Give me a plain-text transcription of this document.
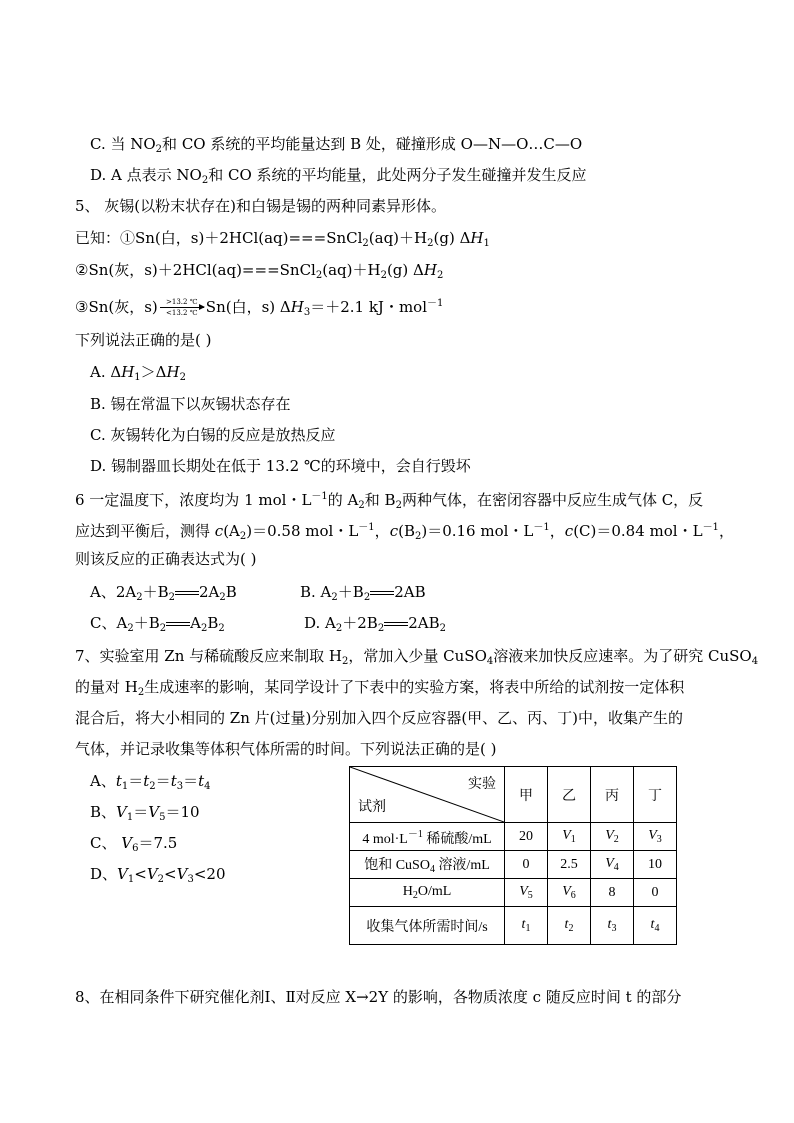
C. 当 $NO_2$和 CO 系统的平均能量达到 B 处，碰撞形成 O—N—O…C—O
D. A 点表示 $NO_2$和 CO 系统的平均能量，此处两分子发生碰撞并发生反应
5、 灰锡(以粉末状存在)和白锡是锡的两种同素异形体。
已知：①Sn(白，$s)+2HCl(aq)===SnCl_2(aq)+H_2(g)$ $\Delta H_1$
②Sn(灰，$s)+2HCl(aq)===SnCl_2(aq)+H_2(g)$ $\Delta H_2$
③Sn(灰，$s) \frac{>13.2 ℃}{<13.2 ℃} Sn$(白，s) $\Delta H_3=+2.1$ kJ・mol$^{-1}$
下列说法正确的是( )
A. $\Delta H_1>\Delta H_2$
B. 锡在常温下以灰锡状态存在
C. 灰锡转化为白锡的反应是放热反应
D. 锡制器皿长期处在低于 13.2 ℃的环境中，会自行毁坏
6 一定温度下，浓度均为 1 mol・$L^{-1}$的 $A_2$和 $B_2$两种气体，在密闭容器中反应生成气体 C，反
应达到平衡后，测得 $c(A_2)=0.58$ mol・$L^{-1}$，$c(B_2)=0.16$ mol・$L^{-1}$，c(C)＝0.84 mol・$L^{-1}$，
则该反应的正确表达式为( )
A、$2A_2+B_2$ $2A_2B$	B. $A_2+B_2$ 2AB
C、$A_2+B_2$ $A_2B_2$	D. $A_2+2B_2$ $2AB_2$
7、实验室用 Zn 与稀硫酸反应来制取 $H_2$，常加入少量 CuSO$_4$溶液来加快反应速率。为了研究 CuSO$_4$
的量对 $H_2$生成速率的影响，某同学设计了下表中的实验方案，将表中所给的试剂按一定体积
混合后，将大小相同的 Zn 片(过量)分别加入四个反应容器(甲、乙、丙、丁)中，收集产生的
气体，并记录收集等体积气体所需的时间。下列说法正确的是( )
A、$t_1=t_2=t_3=t_4$
B、$V_1=V_5=10$
C、 $V_6=7.5$
D、$V_1<V_2<V_3<20$
实验
试剂	甲	乙	丙	丁
4 $mol\cdot L^{-1}$ 稀硫酸/mL	20	$V_1$	$V_2$	$V_3$
饱和 CuSO$_4$ 溶液/mL	0	2.5	$V_4$	10
$H_2O/mL$	$V_5$	$V_6$	8	0
收集气体所需时间/s	$t_1$	$t_2$	$t_3$	$t_4$
8、在相同条件下研究催化剂Ⅰ、Ⅱ对反应 X→2Y 的影响，各物质浓度 c 随反应时间 t 的部分
